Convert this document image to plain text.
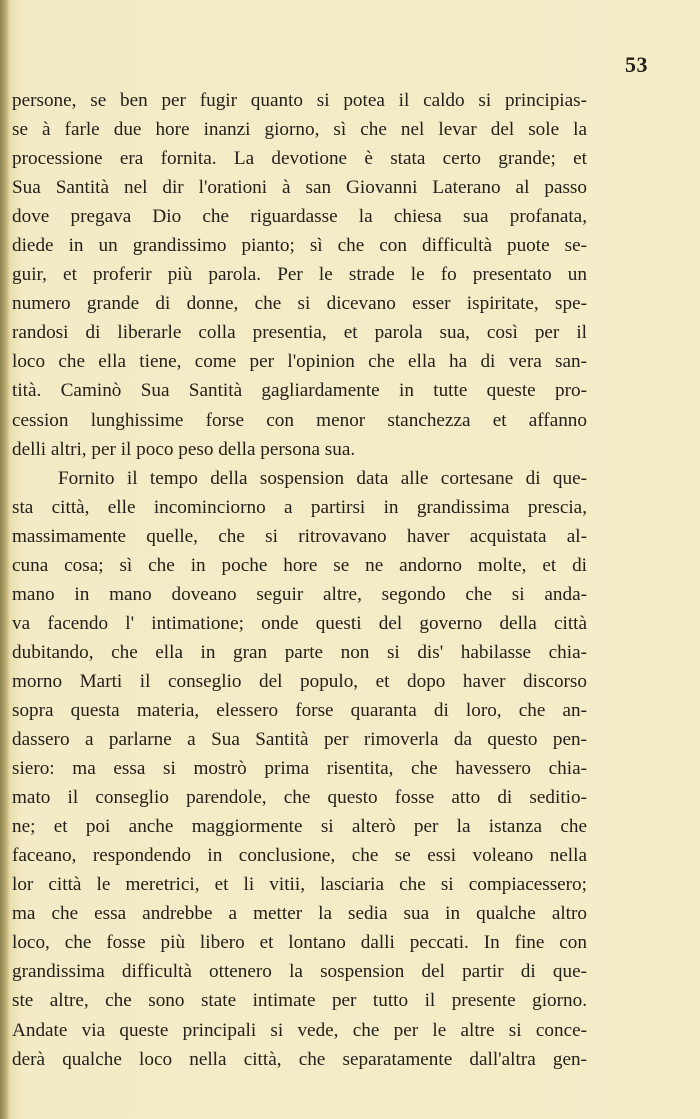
53
persone, se ben per fugir quanto si potea il caldo si principias-
se à farle due hore inanzi giorno, sì che nel levar del sole la
processione era fornita. La devotione è stata certo grande; et
Sua Santità nel dir l'orationi à san Giovanni Laterano al passo
dove pregava Dio che riguardasse la chiesa sua profanata,
diede in un grandissimo pianto; sì che con difficultà puote se-
guir, et proferir più parola. Per le strade le fo presentato un
numero grande di donne, che si dicevano esser ispiritate, spe-
randosi di liberarle colla presentia, et parola sua, così per il
loco che ella tiene, come per l'opinion che ella ha di vera san-
tità. Caminò Sua Santità gagliardamente in tutte queste pro-
cession lunghissime forse con menor stanchezza et affanno
delli altri, per il poco peso della persona sua.
Fornito il tempo della sospension data alle cortesane di que-
sta città, elle incominciorno a partirsi in grandissima prescia,
massimamente quelle, che si ritrovavano haver acquistata al-
cuna cosa; sì che in poche hore se ne andorno molte, et di
mano in mano doveano seguir altre, segondo che si anda-
va facendo l' intimatione; onde questi del governo della città
dubitando, che ella in gran parte non si dis' habilasse chia-
morno Marti il conseglio del populo, et dopo haver discorso
sopra questa materia, elessero forse quaranta di loro, che an-
dassero a parlarne a Sua Santità per rimoverla da questo pen-
siero: ma essa si mostrò prima risentita, che havessero chia-
mato il conseglio parendole, che questo fosse atto di seditio-
ne; et poi anche maggiormente si alterò per la istanza che
faceano, respondendo in conclusione, che se essi voleano nella
lor città le meretrici, et li vitii, lasciaria che si compiacessero;
ma che essa andrebbe a metter la sedia sua in qualche altro
loco, che fosse più libero et lontano dalli peccati. In fine con
grandissima difficultà ottenero la sospension del partir di que-
ste altre, che sono state intimate per tutto il presente giorno.
Andate via queste principali si vede, che per le altre si conce-
derà qualche loco nella città, che separatamente dall'altra gen-
